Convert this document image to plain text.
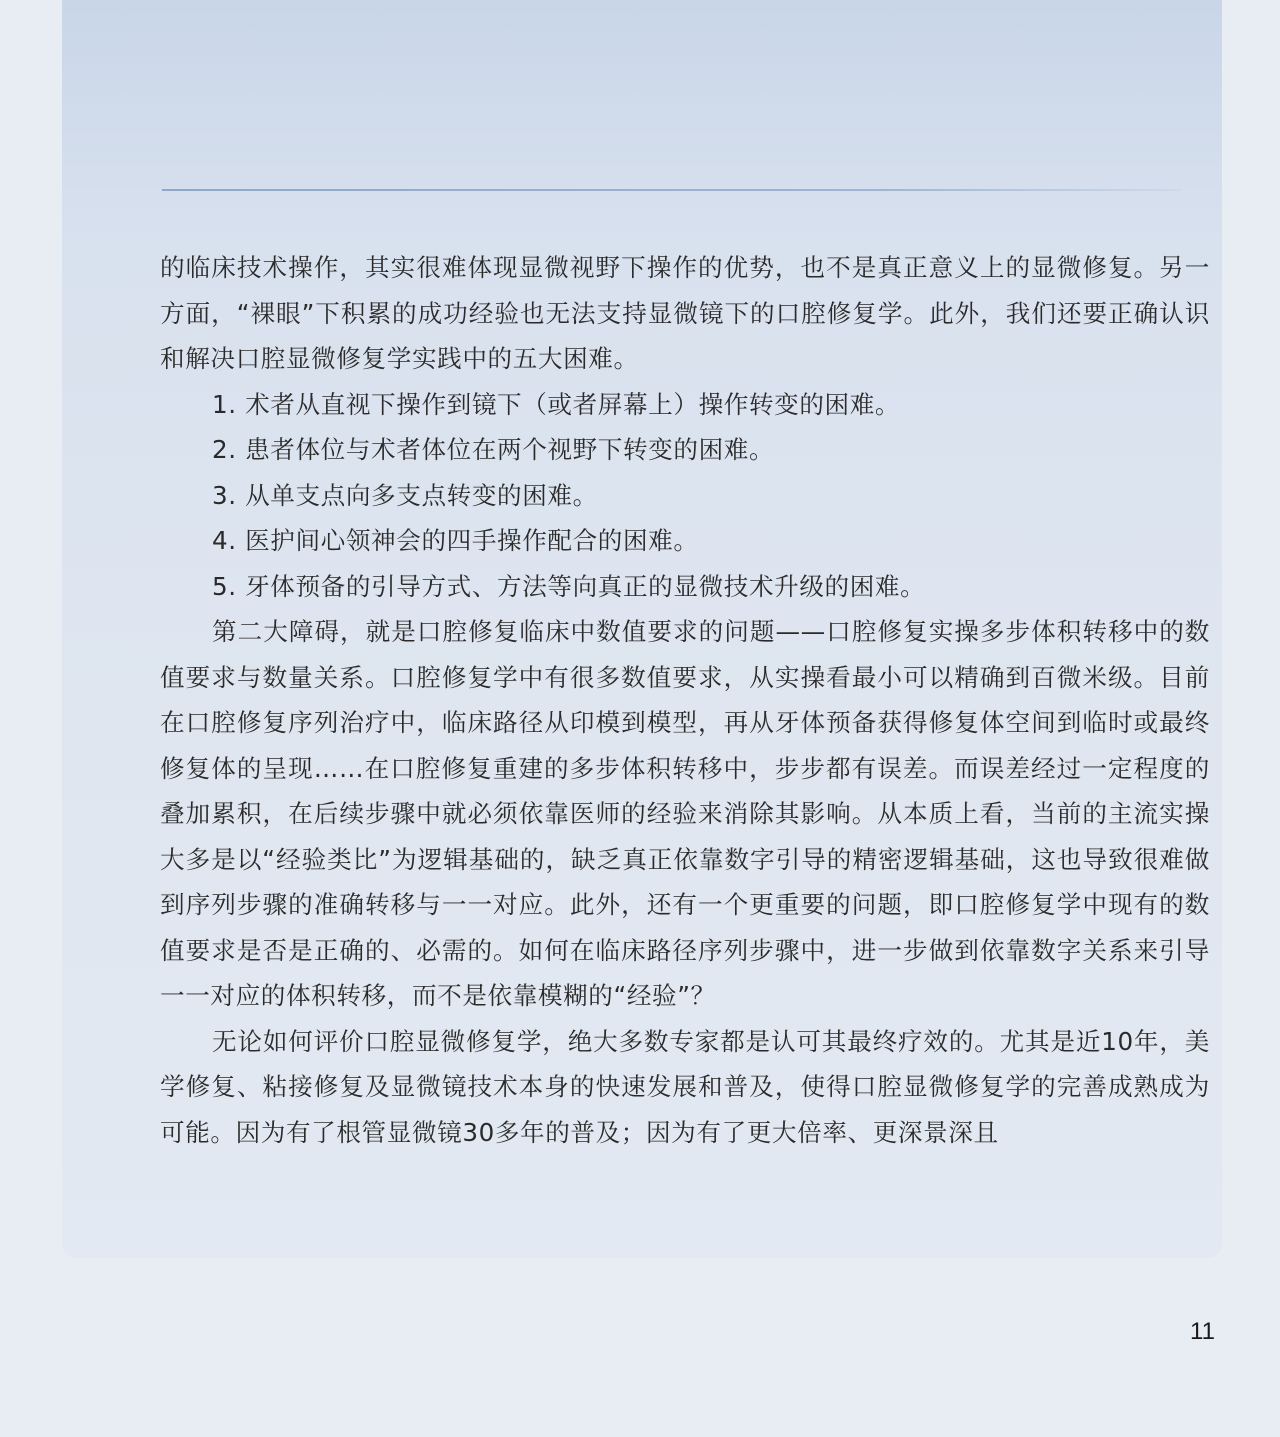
的临床技术操作，其实很难体现显微视野下操作的优势，也不是真正意义上的显微修复。另一方面，“裸眼”下积累的成功经验也无法支持显微镜下的口腔修复学。此外，我们还要正确认识和解决口腔显微修复学实践中的五大困难。

1. 术者从直视下操作到镜下（或者屏幕上）操作转变的困难。

2. 患者体位与术者体位在两个视野下转变的困难。

3. 从单支点向多支点转变的困难。

4. 医护间心领神会的四手操作配合的困难。

5. 牙体预备的引导方式、方法等向真正的显微技术升级的困难。

第二大障碍，就是口腔修复临床中数值要求的问题——口腔修复实操多步体积转移中的数值要求与数量关系。口腔修复学中有很多数值要求，从实操看最小可以精确到百微米级。目前在口腔修复序列治疗中，临床路径从印模到模型，再从牙体预备获得修复体空间到临时或最终修复体的呈现……在口腔修复重建的多步体积转移中，步步都有误差。而误差经过一定程度的叠加累积，在后续步骤中就必须依靠医师的经验来消除其影响。从本质上看，当前的主流实操大多是以“经验类比”为逻辑基础的，缺乏真正依靠数字引导的精密逻辑基础，这也导致很难做到序列步骤的准确转移与一一对应。此外，还有一个更重要的问题，即口腔修复学中现有的数值要求是否是正确的、必需的。如何在临床路径序列步骤中，进一步做到依靠数字关系来引导一一对应的体积转移，而不是依靠模糊的“经验”？

无论如何评价口腔显微修复学，绝大多数专家都是认可其最终疗效的。尤其是近10年，美学修复、粘接修复及显微镜技术本身的快速发展和普及，使得口腔显微修复学的完善成熟成为可能。因为有了根管显微镜30多年的普及；因为有了更大倍率、更深景深且

11
